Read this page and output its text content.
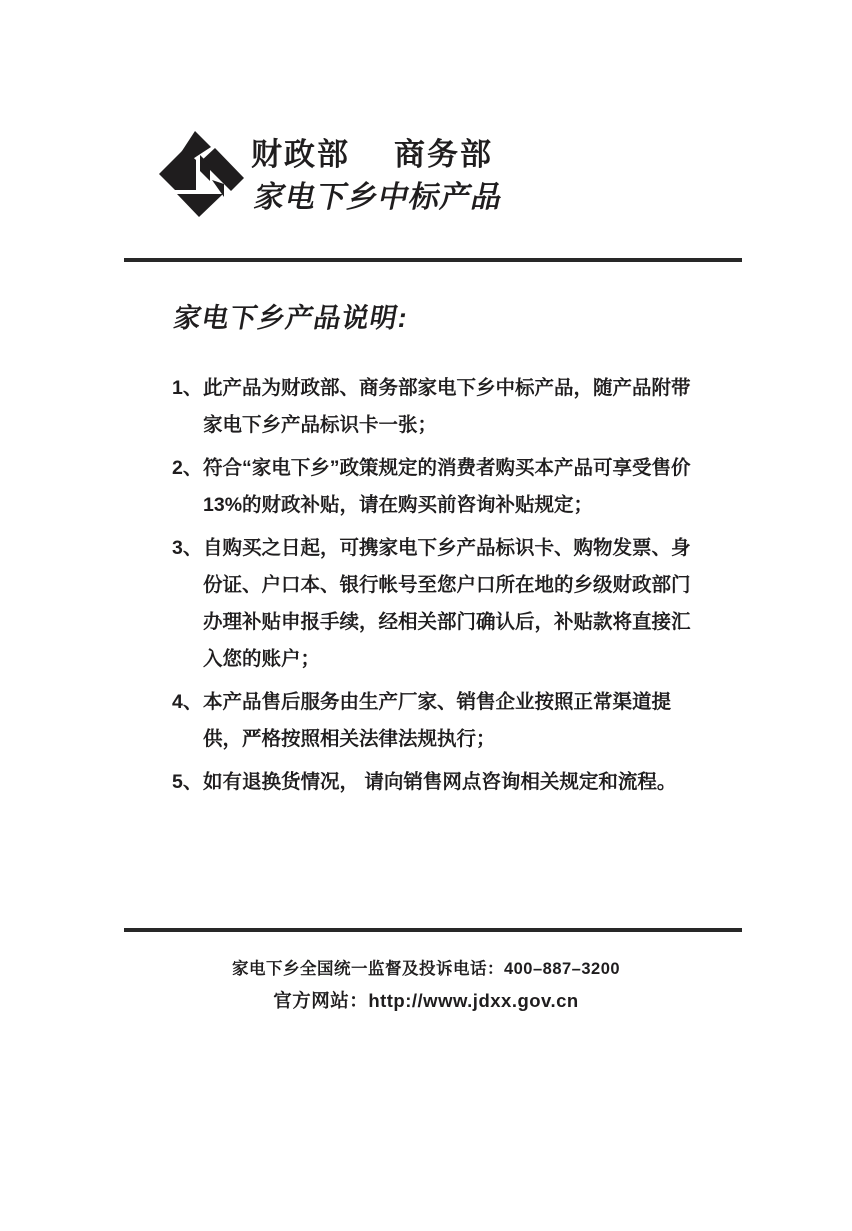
财政部 商务部
家电下乡中标产品
家电下乡产品说明:
1、 此产品为财政部、商务部家电下乡中标产品，随产品附带家电下乡产品标识卡一张；
2、 符合“家电下乡”政策规定的消费者购买本产品可享受售价13%的财政补贴，请在购买前咨询补贴规定；
3、 自购买之日起，可携家电下乡产品标识卡、购物发票、身份证、户口本、银行帐号至您户口所在地的乡级财政部门办理补贴申报手续，经相关部门确认后，补贴款将直接汇入您的账户；
4、 本产品售后服务由生产厂家、销售企业按照正常渠道提供，严格按照相关法律法规执行；
5、 如有退换货情况， 请向销售网点咨询相关规定和流程。
家电下乡全国统一监督及投诉电话：400–887–3200
官方网站：http://www.jdxx.gov.cn
